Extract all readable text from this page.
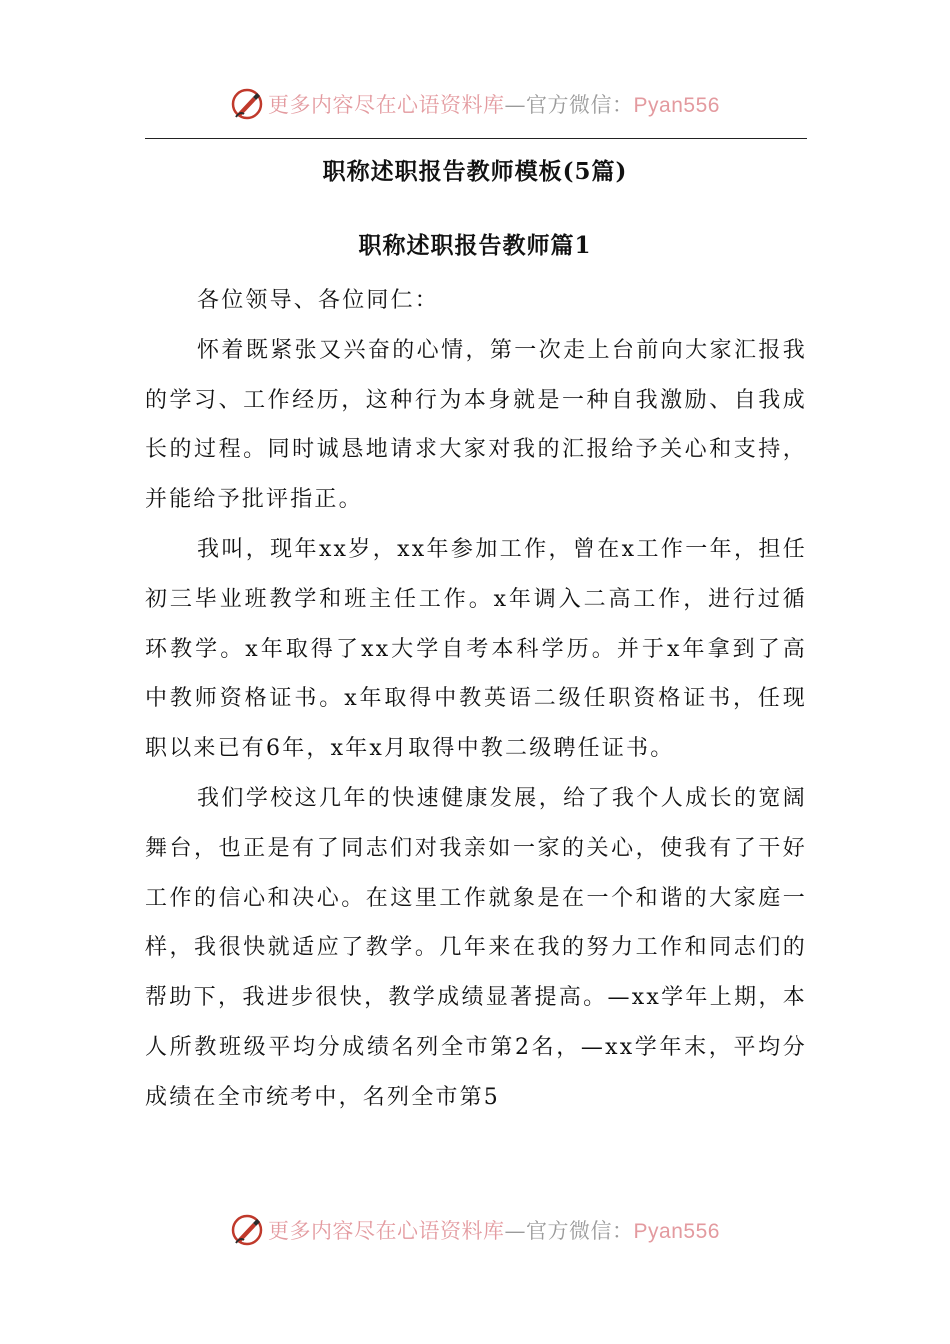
更多内容尽在心语资料库—官方微信：Pyan556
职称述职报告教师模板(5篇)
职称述职报告教师篇1

各位领导、各位同仁：

怀着既紧张又兴奋的心情，第一次走上台前向大家汇报我的学习、工作经历，这种行为本身就是一种自我激励、自我成长的过程。同时诚恳地请求大家对我的汇报给予关心和支持，并能给予批评指正。

我叫，现年xx岁，xx年参加工作，曾在x工作一年，担任初三毕业班教学和班主任工作。x年调入二高工作，进行过循环教学。x年取得了xx大学自考本科学历。并于x年拿到了高中教师资格证书。x年取得中教英语二级任职资格证书，任现职以来已有6年，x年x月取得中教二级聘任证书。

我们学校这几年的快速健康发展，给了我个人成长的宽阔舞台，也正是有了同志们对我亲如一家的关心，使我有了干好工作的信心和决心。在这里工作就象是在一个和谐的大家庭一样，我很快就适应了教学。几年来在我的努力工作和同志们的帮助下，我进步很快，教学成绩显著提高。—xx学年上期，本人所教班级平均分成绩名列全市第2名，—xx学年末，平均分成绩在全市统考中，名列全市第5

更多内容尽在心语资料库—官方微信：Pyan556
